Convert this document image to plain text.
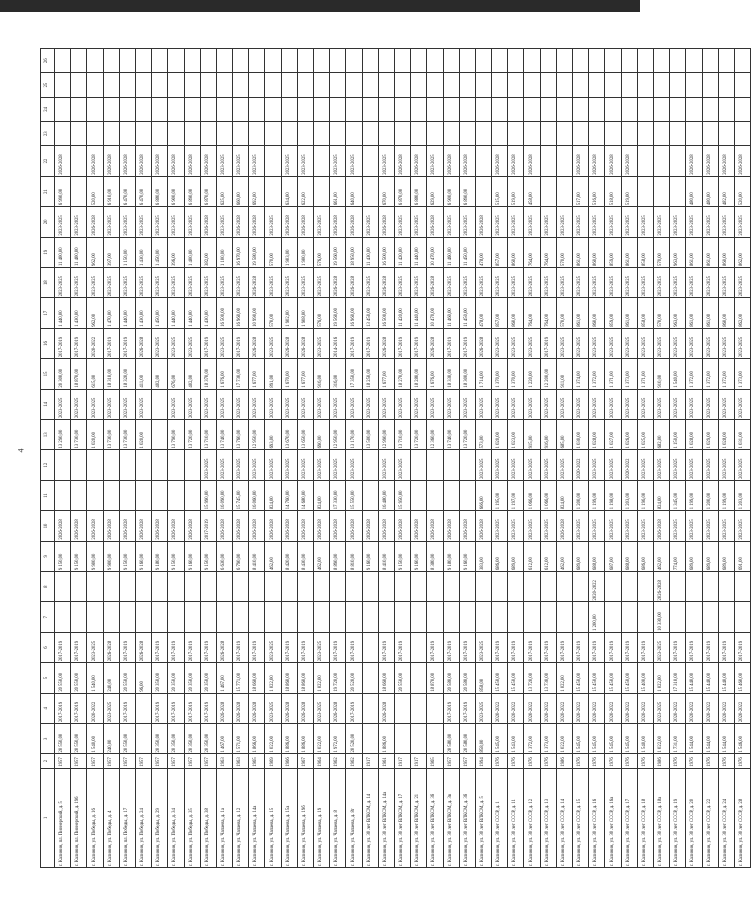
4
1	2	3	4	5	6	7	8	9	10	11	12	13	14	15	16	17	18	19	20	21	22	23	24	25	26
г. Калинин, пл. Пионерский, д. 5	1957	20 550,00	2017-2019	20 550,00	2017-2019			9 150,00	2026-2028			13 290,00	2023-2025	20 300,00	2017-2019	1 440,00	2023-2025	11 400,00	2023-2025	6 990,00	2026-2028				
г. Калинин, пл. Пионерский, д. 196	1957	20 550,00	2017-2019	20 550,00	2017-2019			9 150,00	2026-2028			13 730,00	2023-2025	18 870,00	2017-2019	1 430,00	2023-2025	11 400,00	2023-2025						
г. Калинин, ул. Победы, д. 16	1957	1 540,00	2020-2022	1 540,00	2023-2025			9 900,00	2026-2028			1 020,00	2023-2025	615,00	2020-2022	962,00	2023-2025	962,00	2026-2028	520,00	2026-2028				
г. Калинин, ул. Победы, д. 4	1957	240,00	2023-2025	240,00	2026-2028			9 900,00	2026-2028			13 730,00	2023-2025	18 310,00	2017-2019	1 470,00	2023-2025	397,00	2023-2025	6 910,00	2026-2028				
г. Калинин, пл. Победы, д. 17	1957	20 550,00	2017-2019	20 550,00	2017-2019			9 150,00	2026-2028			13 730,00	2023-2025	18 320,00	2017-2019	1 440,00	2023-2025	1 150,00	2023-2025	6 470,00	2026-2028				
г. Калинин, ул. Победы, д. 24	1957			96,00	2026-2028			9 160,00	2026-2028			1 020,00	2023-2025	411,00	2026-2028	1 430,00	2023-2025	1 430,00	2023-2025	6 470,00	2026-2028				
г. Калинин, ул. Победы, д. 29	1957	20 350,00	2017-2019	20 350,00	2017-2019			9 180,00	2026-2028					402,00	2023-2025	1 450,00	2023-2025	1 450,00	2023-2025	6 880,00	2026-2028				
г. Калинин, ул. Победы, д. 34	1957	20 350,00	2017-2019	20 350,00	2017-2019			9 150,00	2026-2028			13 790,00	2023-2025	676,00	2023-2025	1 440,00	2023-2025	396,00	2023-2025	6 900,00	2026-2028				
г. Калинин, ул. Победы, д. 35	1957	20 350,00	2017-2019	20 350,00	2017-2019			9 160,00	2026-2028			13 720,00	2023-2025	402,00	2023-2025	1 440,00	2023-2025	1 400,00	2023-2025	6 890,00	2026-2028				
г. Калинин, ул. Победы, д. 38	1957	20 350,00	2017-2019	20 350,00	2017-2019			9 150,00	2017-2019	15 990,00	2023-2025	13 710,00	2023-2025	18 370,00	2017-2019	1 430,00	2023-2025	382,00	2026-2028	6 870,00	2026-2028				
г. Калинин, ул. Чапаева, д. 1а	1963	1 467,00	2026-2028	1 467,00	2026-2028			6 630,00	2026-2028	16 090,00	2023-2025	13 740,00	2023-2025	1 676,00	2023-2025	16 500,00	2023-2025	1 100,00	2023-2025	625,00	2023-2025				
г. Калинин, ул. Чапаева, д. 12	1963	1 571,00	2026-2028	15 771,00	2017-2019			6 790,00	2026-2028	15 745,00	2023-2025	13 760,00	2023-2025	17 730,00	2017-2019	16 960,00	2023-2025	16 970,00	2026-2028	660,00	2023-2025				
г. Калинин, ул. Чапаева, д. 14а	1965	1 866,00	2026-2028	18 660,00	2017-2019			8 410,00	2026-2028	16 060,00	2023-2025	12 950,00	2023-2025	1 677,00	2026-2028	10 990,00	2026-2028	19 580,00	2026-2028	692,00	2023-2025				
г. Калинин, ул. Чапаева, д. 15	1969	1 022,00	2023-2025	1 022,00	2023-2025			462,00	2026-2028	824,00	2023-2025	693,00	2023-2025	891,00	2023-2025	570,00	2023-2025	570,00	2023-2025						
г. Калинин, ул. Чапаева, д. 15а	1966	1 886,00	2026-2028	18 860,00	2017-2019			8 420,00	2026-2028	14 760,00	2023-2025	13 670,00	2023-2025	1 670,00	2026-2028	1 902,00	2023-2025	1 903,00	2026-2028	634,00	2023-2025				
г. Калинин, ул. Чапаева, д. 19б	1967	1 886,00	2026-2028	18 860,00	2017-2019			8 430,00	2026-2028	14 680,00	2023-2025	13 650,00	2023-2025	1 677,00	2026-2028	1 908,00	2023-2025	1 900,00	2026-2028	622,00	2023-2025				
г. Калинин, ул. Чапаева, д. 19	1964	1 022,00	2023-2025	1 022,00	2023-2025			462,00	2026-2028	824,00	2023-2025	690,00	2023-2025	916,00	2023-2025	576,00	2023-2025	576,00	2023-2025						
г. Калинин, ул. Чапаева, д. 8	1962	1 972,00	2026-2028	19 720,00	2017-2019			8 890,00	2026-2028	17 330,00	2023-2025	12 950,00	2023-2025	316,00	2014-2016	19 560,00	2026-2028	19 560,00	2026-2028	661,00	2023-2025				
г. Калинин, ул. Чапаева, д. 8г	1962	20 520,00	2017-2019	20 520,00	2017-2019			8 810,00	2026-2028	15 550,00	2023-2025	13 170,00	2023-2025	17 350,00	2017-2019	16 960,00	2026-2028	18 950,00	2026-2028	640,00	2023-2025				
г. Калинин, ул. 30 лет ВЛКСМ, д. 14	1917							9 160,00	2026-2028			13 500,00	2023-2025	18 250,00	2017-2019	13 450,00	2023-2025	11 430,00	2023-2025						
г. Калинин, ул. 30 лет ВЛКСМ, д. 14а	1961	1 886,00	2026-2028	18 660,00	2017-2019			8 410,00	2026-2028	16 480,00	2023-2025	12 990,00	2023-2025	1 677,00	2026-2028	16 500,00	2026-2028	16 500,00	2026-2028	670,00	2023-2025				
г. Калинин, ул. 30 лет ВЛКСМ, д. 17	1917			20 550,00	2017-2019			9 150,00	2026-2028	15 950,00	2023-2025	13 710,00	2023-2025	18 270,00	2017-2019	11 420,00	2023-2025	11 420,00	2023-2025	6 870,00	2026-2028				
г. Калинин, ул. 30 лет ВЛКСМ, д. 21	1917							9 160,00	2026-2028			13 720,00	2023-2025	18 280,00	2017-2019	11 440,00	2023-2025	11 440,00	2023-2025	6 880,00	2026-2028				
г. Калинин, ул. 30 лет ВЛКСМ, д. 3б	1965			18 870,00	2017-2019			8 380,00	2026-2028			12 360,00	2023-2025	1 676,00	2026-2028	10 470,00	2026-2028	10 470,00	2026-2028	629,00	2023-2025				
г. Калинин, ул. 30 лет ВЛКСМ, д. 3в	1957	20 580,00	2017-2019	20 580,00	2017-2019			9 180,00	2026-2028			13 740,00	2023-2025	18 330,00	2017-2019	11 460,00	2023-2025	11 460,00	2023-2025	6 900,00	2026-2028				
г. Калинин, ул. 30 лет ВЛКСМ, д. 3б	1957	20 580,00	2017-2019	20 580,00	2017-2019			9 160,00	2026-2028			13 720,00	2023-2025	18 300,00	2017-2019	11 450,00	2023-2025	11 450,00	2023-2025	6 890,00	2026-2028				
г. Калинин, ул. 30 лет ВЛКСМ, д. 5	1994	858,00	2023-2025	858,00	2023-2025			383,00	2026-2028	666,00	2023-2025	573,00	2023-2025	1 714,00	2026-2028	478,00	2023-2025	478,00	2026-2028						
г. Калинин, ул. 30 лет СССР, д. 1	1976	1 545,00	2020-2022	15 450,00	2017-2019			686,00	2023-2025	1 195,00	2023-2025	1 020,00	2023-2025	1 370,00	2023-2025	857,00	2023-2025	857,00	2023-2025	515,00	2026-2028				
г. Калинин, ул. 30 лет СССР, д. 11	1976	1 543,00	2020-2022	15 450,00	2017-2019			689,00	2023-2025	1 197,00	2023-2025	1 023,00	2023-2025	1 370,00	2023-2025	860,00	2023-2025	860,00	2023-2025	519,00	2026-2028				
г. Калинин, ул. 30 лет СССР, д. 12	1976	1 372,00	2020-2022	13 720,00	2017-2019			612,00	2023-2025	1 066,00	2023-2025	915,00	2023-2025	1 220,00	2023-2025	764,00	2023-2025	764,00	2023-2025	458,00	2026-2028				
г. Калинин, ул. 30 лет СССР, д. 13	1976	1 373,00	2020-2022	13 730,00	2017-2019			612,00	2023-2025	1 066,00	2023-2025	916,00	2023-2025	12 200,00	2017-2019	764,00	2023-2025	764,00	2023-2025						
г. Калинин, ул. 30 лет СССР, д. 14	1986	1 022,00	2020-2022	1 022,00	2017-2019			462,00	2026-2028	824,00	2023-2025	685,00	2023-2025	911,00	2023-2025	570,00	2023-2025	570,00	2023-2025						
г. Калинин, ул. 30 лет СССР, д. 15	1976	1 545,00	2020-2022	15 450,00	2017-2019			689,00	2023-2025	1 200,00	2020-2022	1 030,00	2023-2025	1 374,00	2023-2025	861,00	2023-2025	861,00	2023-2025	517,00	2026-2028				
г. Калинин, ул. 30 лет СССР, д. 16	1976	1 545,00	2020-2022	15 450,00	2017-2019	1 200,00	2020-2022	688,00	2023-2025	1 199,00	2023-2025	1 028,00	2023-2025	1 372,00	2023-2025	860,00	2023-2025	860,00	2023-2025	516,00	2026-2028				
г. Калинин, ул. 30 лет СССР, д. 16а	1976	1 545,00	2020-2022	15 450,00	2017-2019			687,00	2023-2025	1 198,00	2023-2025	1 027,00	2023-2025	1 371,00	2023-2025	859,00	2023-2025	859,00	2023-2025	518,00	2026-2028				
г. Калинин, ул. 30 лет СССР, д. 17	1976	1 545,00	2020-2022	15 450,00	2017-2019			688,00	2023-2025	1 203,00	2020-2022	1 026,00	2023-2025	1 373,00	2023-2025	861,00	2023-2025	861,00	2023-2025	519,00	2026-2028				
г. Калинин, ул. 30 лет СССР, д. 18	1976	1 540,00	2020-2022	15 400,00	2017-2019			686,00	2023-2025	1 196,00	2023-2025	1 025,00	2023-2025	1 371,00	2023-2025	858,00	2023-2025	858,00	2023-2025						
г. Калинин, ул. 30 лет СССР, д. 18а	1986	1 022,00	2023-2025	1 022,00	2023-2025	10 330,00	2026-2028	462,00	2026-2028	824,00	2023-2025	682,00	2023-2025	910,00	2023-2025	570,00	2023-2025	570,00	2023-2025						
г. Калинин, ул. 30 лет СССР, д. 19	1976	1 731,00	2020-2022	17 310,00	2017-2019			774,00	2023-2025	1 345,00	2023-2025	1 150,00	2023-2025	1 540,00	2023-2025	963,00	2023-2025	963,00	2023-2025						
г. Калинин, ул. 30 лет СССР, д. 20	1976	1 544,00	2020-2022	15 440,00	2017-2019			689,00	2023-2025	1 199,00	2023-2025	1 028,00	2023-2025	1 372,00	2023-2025	861,00	2023-2025	861,00	2023-2025	480,00	2026-2028				
г. Калинин, ул. 30 лет СССР, д. 22	1976	1 544,00	2020-2022	15 440,00	2017-2019			689,00	2023-2025	1 200,00	2023-2025	1 029,00	2023-2025	1 372,00	2023-2025	861,00	2023-2025	861,00	2023-2025	480,00	2026-2028				
г. Калинин, ул. 30 лет СССР, д. 24	1976	1 544,00	2020-2022	15 440,00	2017-2019			689,00	2023-2025	1 199,00	2023-2025	1 028,00	2023-2025	1 372,00	2023-2025	860,00	2023-2025	860,00	2023-2025	482,00	2026-2028				
г. Калинин, ул. 30 лет СССР, д. 28	1976	1 546,00	2020-2022	15 460,00	2017-2019			691,00	2023-2025	1 203,00	2023-2025	1 031,00	2023-2025	1 373,00	2023-2025	862,00	2023-2025	862,00	2023-2025	520,00	2026-2028				
